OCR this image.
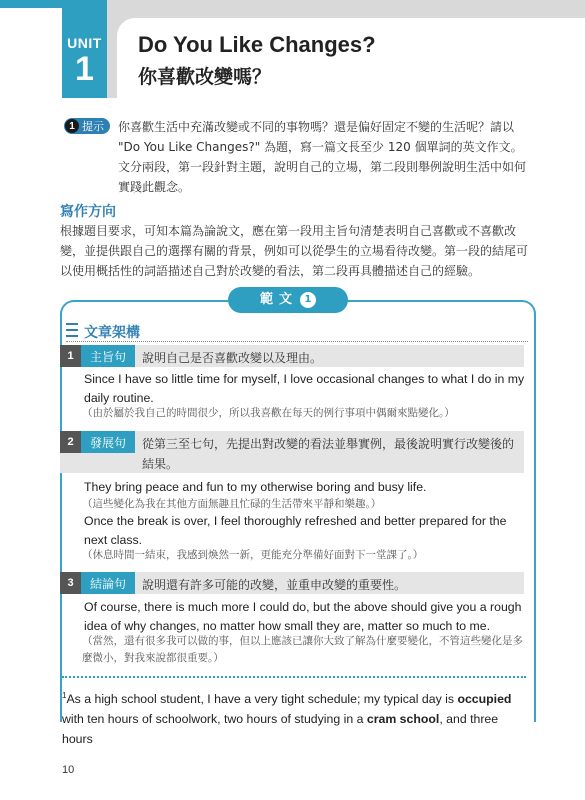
UNIT
1
Do You Like Changes?
你喜歡改變嗎？
1 提示 你喜歡生活中充滿改變或不同的事物嗎？還是偏好固定不變的生活呢？請以 "Do You Like Changes?" 為題，寫一篇文長至少 120 個單詞的英文作文。文分兩段，第一段針對主題，說明自己的立場，第二段則舉例說明生活中如何實踐此觀念。
寫作方向
根據題目要求，可知本篇為論說文，應在第一段用主旨句清楚表明自己喜歡或不喜歡改變，並提供跟自己的選擇有關的背景，例如可以從學生的立場看待改變。第一段的結尾可以使用概括性的詞語描述自己對於改變的看法，第二段再具體描述自己的經驗。
範文 1
文章架構
1	主旨句	說明自己是否喜歡改變以及理由。
Since I have so little time for myself, I love occasional changes to what I do in my daily routine.
（由於屬於我自己的時間很少，所以我喜歡在每天的例行事項中偶爾來點變化。）
2	發展句	從第三至七句，先提出對改變的看法並舉實例，最後說明實行改變後的結果。
They bring peace and fun to my otherwise boring and busy life.
（這些變化為我在其他方面無趣且忙碌的生活帶來平靜和樂趣。）
Once the break is over, I feel thoroughly refreshed and better prepared for the next class.
（休息時間一結束，我感到煥然一新，更能充分準備好面對下一堂課了。）
3	結論句	說明還有許多可能的改變，並重申改變的重要性。
Of course, there is much more I could do, but the above should give you a rough idea of why changes, no matter how small they are, matter so much to me.
（當然，還有很多我可以做的事，但以上應該已讓你大致了解為什麼要變化，不管這些變化是多麼微小，對我來說都很重要。）
$^1$As a high school student, I have a very tight schedule; my typical day is occupied with ten hours of schoolwork, two hours of studying in a cram school, and three hours
10
